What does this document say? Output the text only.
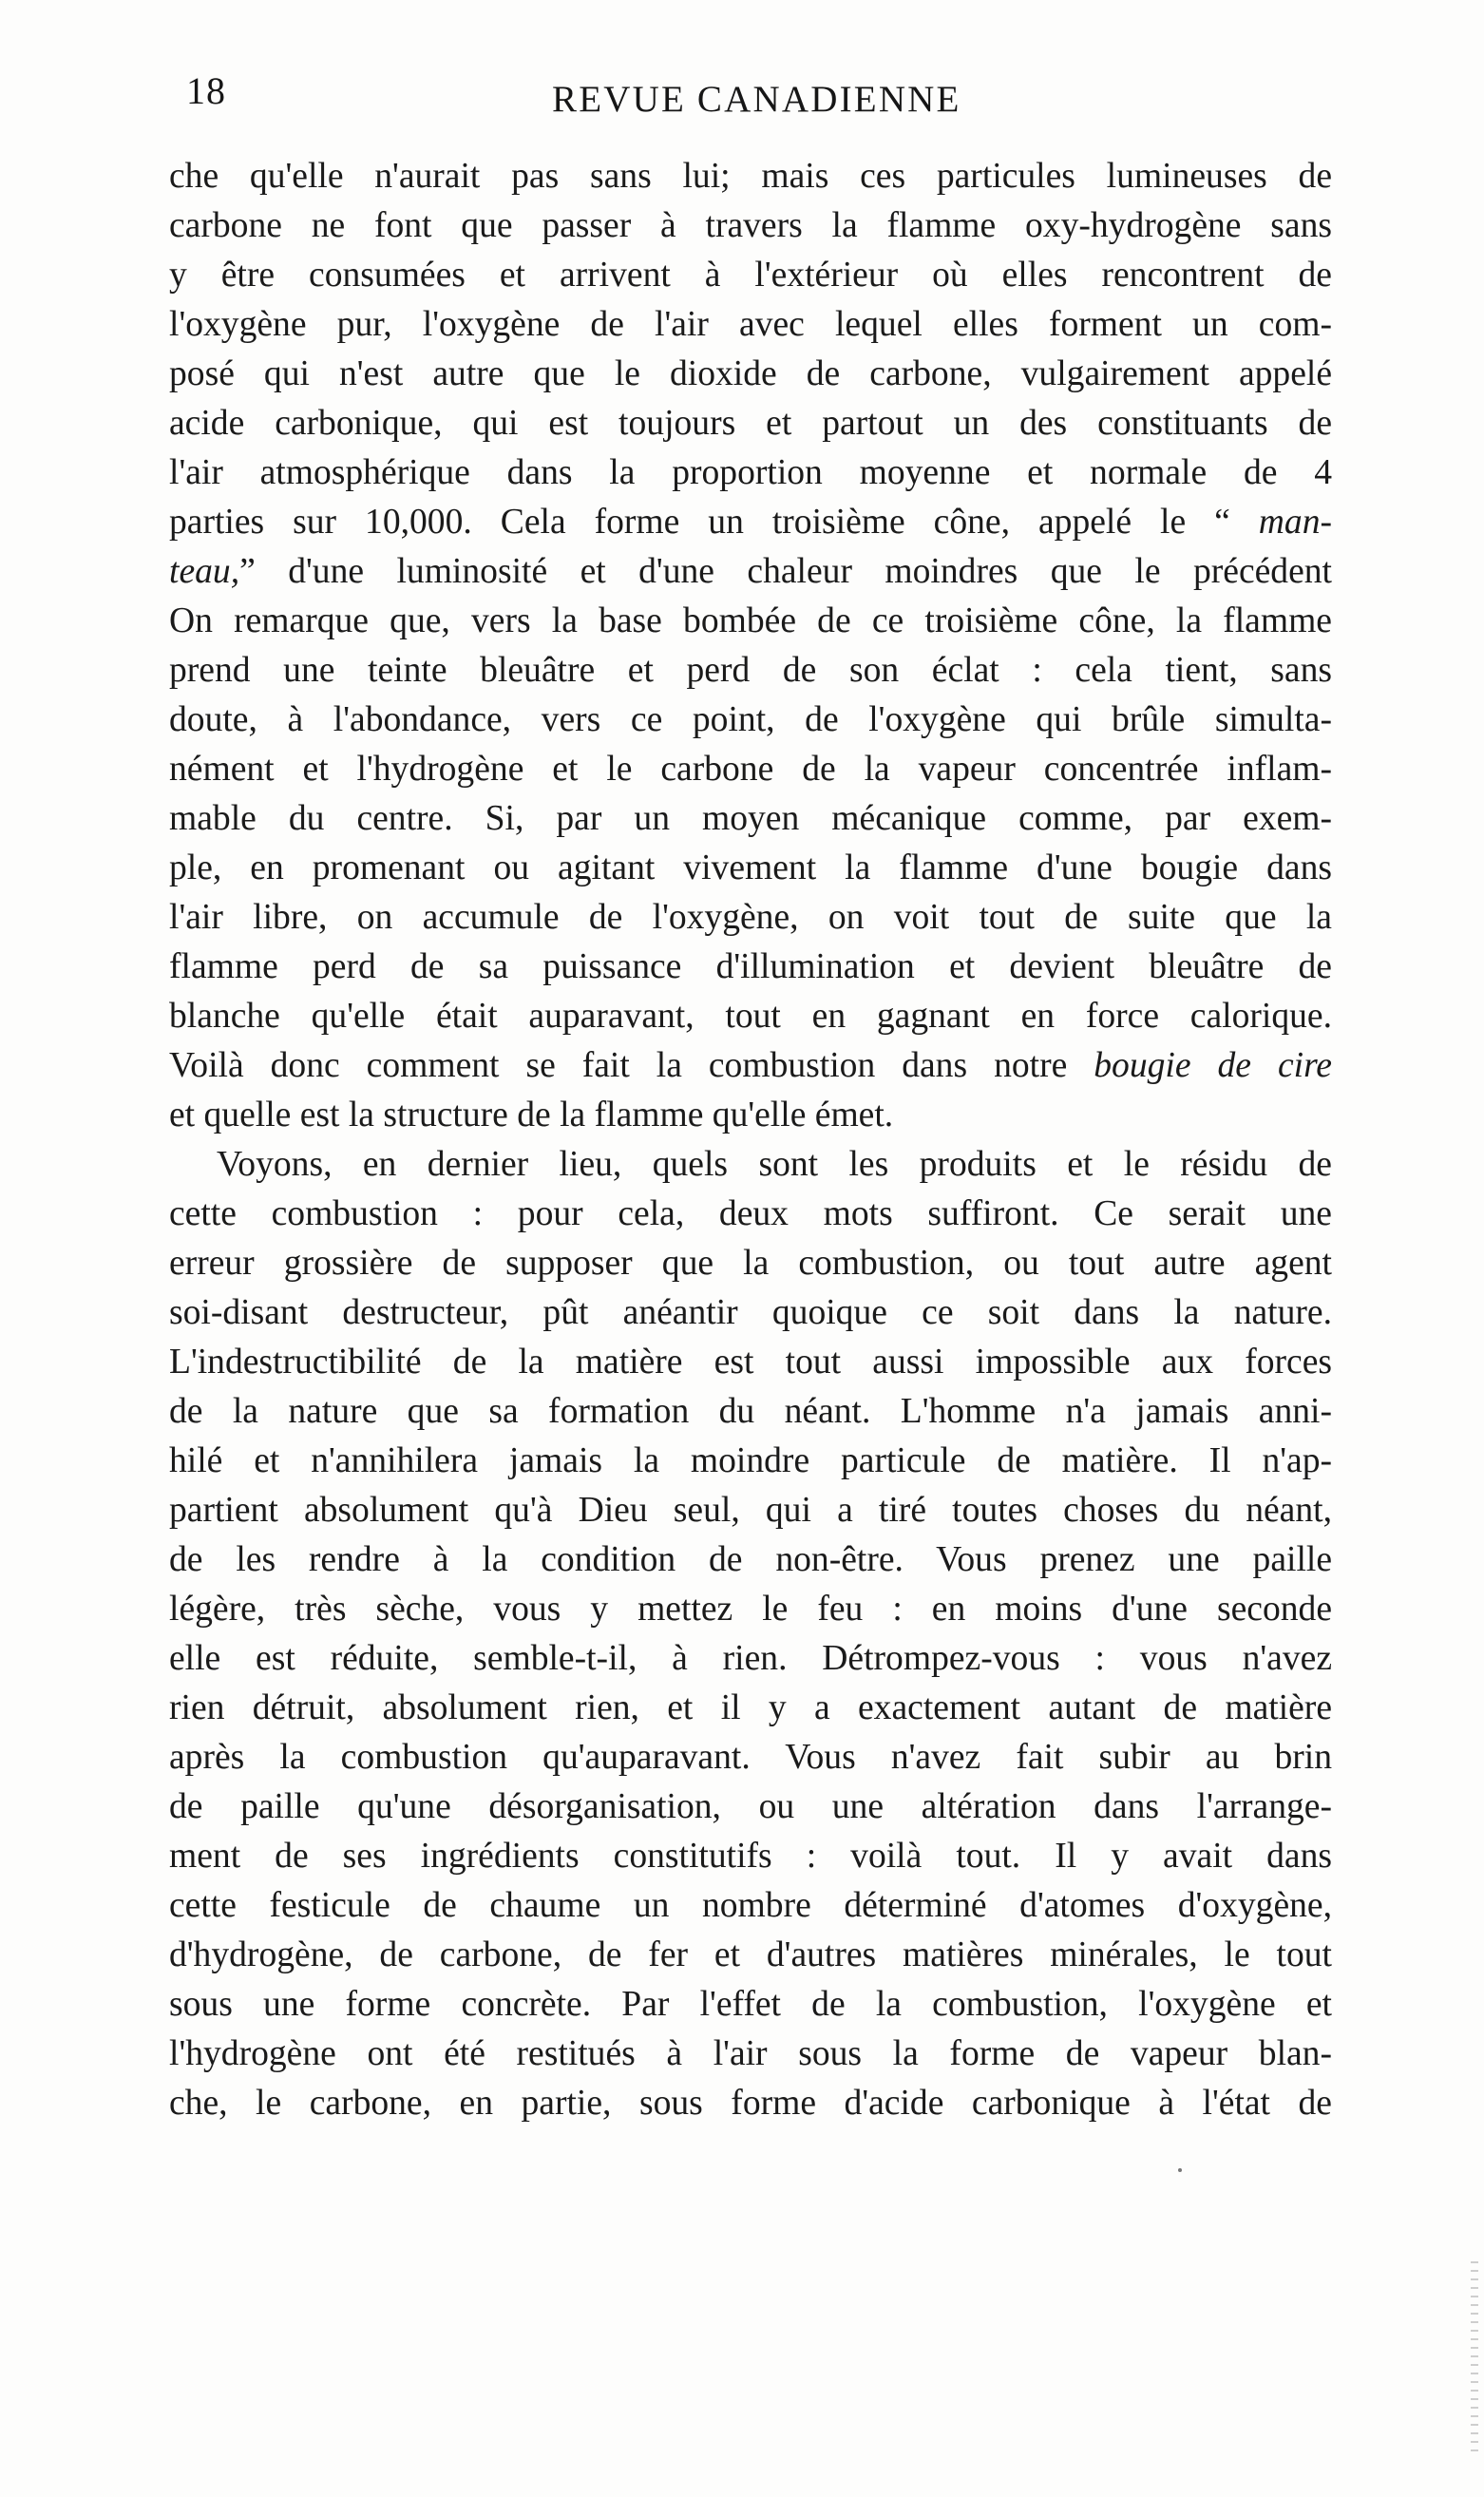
18	REVUE CANADIENNE
che qu'elle n'aurait pas sans lui; mais ces particules lumineuses de
carbone ne font que passer à travers la flamme oxy-hydrogène sans
y être consumées et arrivent à l'extérieur où elles rencontrent de
l'oxygène pur, l'oxygène de l'air avec lequel elles forment un com-
posé qui n'est autre que le dioxide de carbone, vulgairement appelé
acide carbonique, qui est toujours et partout un des constituants de
l'air atmosphérique dans la proportion moyenne et normale de 4
parties sur 10,000. Cela forme un troisième cône, appelé le “ man-
teau,” d'une luminosité et d'une chaleur moindres que le précédent
On remarque que, vers la base bombée de ce troisième cône, la flamme
prend une teinte bleuâtre et perd de son éclat : cela tient, sans
doute, à l'abondance, vers ce point, de l'oxygène qui brûle simulta-
nément et l'hydrogène et le carbone de la vapeur concentrée inflam-
mable du centre. Si, par un moyen mécanique comme, par exem-
ple, en promenant ou agitant vivement la flamme d'une bougie dans
l'air libre, on accumule de l'oxygène, on voit tout de suite que la
flamme perd de sa puissance d'illumination et devient bleuâtre de
blanche qu'elle était auparavant, tout en gagnant en force calorique.
Voilà donc comment se fait la combustion dans notre bougie de cire
et quelle est la structure de la flamme qu'elle émet.
Voyons, en dernier lieu, quels sont les produits et le résidu de
cette combustion : pour cela, deux mots suffiront. Ce serait une
erreur grossière de supposer que la combustion, ou tout autre agent
soi-disant destructeur, pût anéantir quoique ce soit dans la nature.
L'indestructibilité de la matière est tout aussi impossible aux forces
de la nature que sa formation du néant. L'homme n'a jamais anni-
hilé et n'annihilera jamais la moindre particule de matière. Il n'ap-
partient absolument qu'à Dieu seul, qui a tiré toutes choses du néant,
de les rendre à la condition de non-être. Vous prenez une paille
légère, très sèche, vous y mettez le feu : en moins d'une seconde
elle est réduite, semble-t-il, à rien. Détrompez-vous : vous n'avez
rien détruit, absolument rien, et il y a exactement autant de matière
après la combustion qu'auparavant. Vous n'avez fait subir au brin
de paille qu'une désorganisation, ou une altération dans l'arrange-
ment de ses ingrédients constitutifs : voilà tout. Il y avait dans
cette festicule de chaume un nombre déterminé d'atomes d'oxygène,
d'hydrogène, de carbone, de fer et d'autres matières minérales, le tout
sous une forme concrète. Par l'effet de la combustion, l'oxygène et
l'hydrogène ont été restitués à l'air sous la forme de vapeur blan-
che, le carbone, en partie, sous forme d'acide carbonique à l'état de
